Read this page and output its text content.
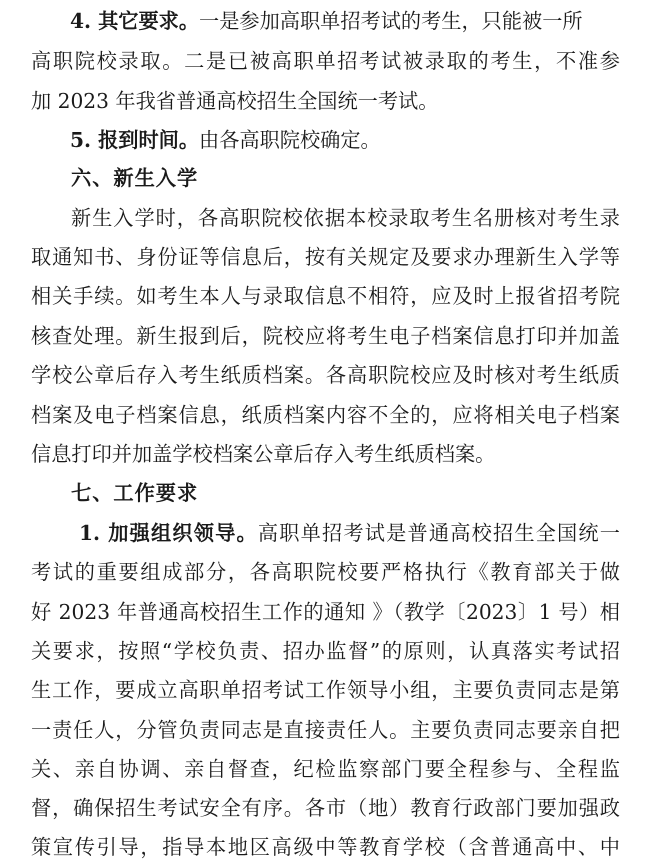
4. 其它要求。一是参加高职单招考试的考生，只能被一所
高职院校录取。二是已被高职单招考试被录取的考生，不准参
加 2023 年我省普通高校招生全国统一考试。
5. 报到时间。由各高职院校确定。
六、新生入学
新生入学时，各高职院校依据本校录取考生名册核对考生录
取通知书、身份证等信息后，按有关规定及要求办理新生入学等
相关手续。如考生本人与录取信息不相符，应及时上报省招考院
核查处理。新生报到后，院校应将考生电子档案信息打印并加盖
学校公章后存入考生纸质档案。各高职院校应及时核对考生纸质
档案及电子档案信息，纸质档案内容不全的，应将相关电子档案
信息打印并加盖学校档案公章后存入考生纸质档案。
七、工作要求
1. 加强组织领导。高职单招考试是普通高校招生全国统一
考试的重要组成部分，各高职院校要严格执行《教育部关于做
好 2023 年普通高校招生工作的通知 》（教学〔2023〕1 号）相
关要求，按照“学校负责、招办监督”的原则，认真落实考试招
生工作，要成立高职单招考试工作领导小组，主要负责同志是第
一责任人，分管负责同志是直接责任人。主要负责同志要亲自把
关、亲自协调、亲自督查，纪检监察部门要全程参与、全程监
督，确保招生考试安全有序。各市（地）教育行政部门要加强政
策宣传引导，指导本地区高级中等教育学校（含普通高中、中
